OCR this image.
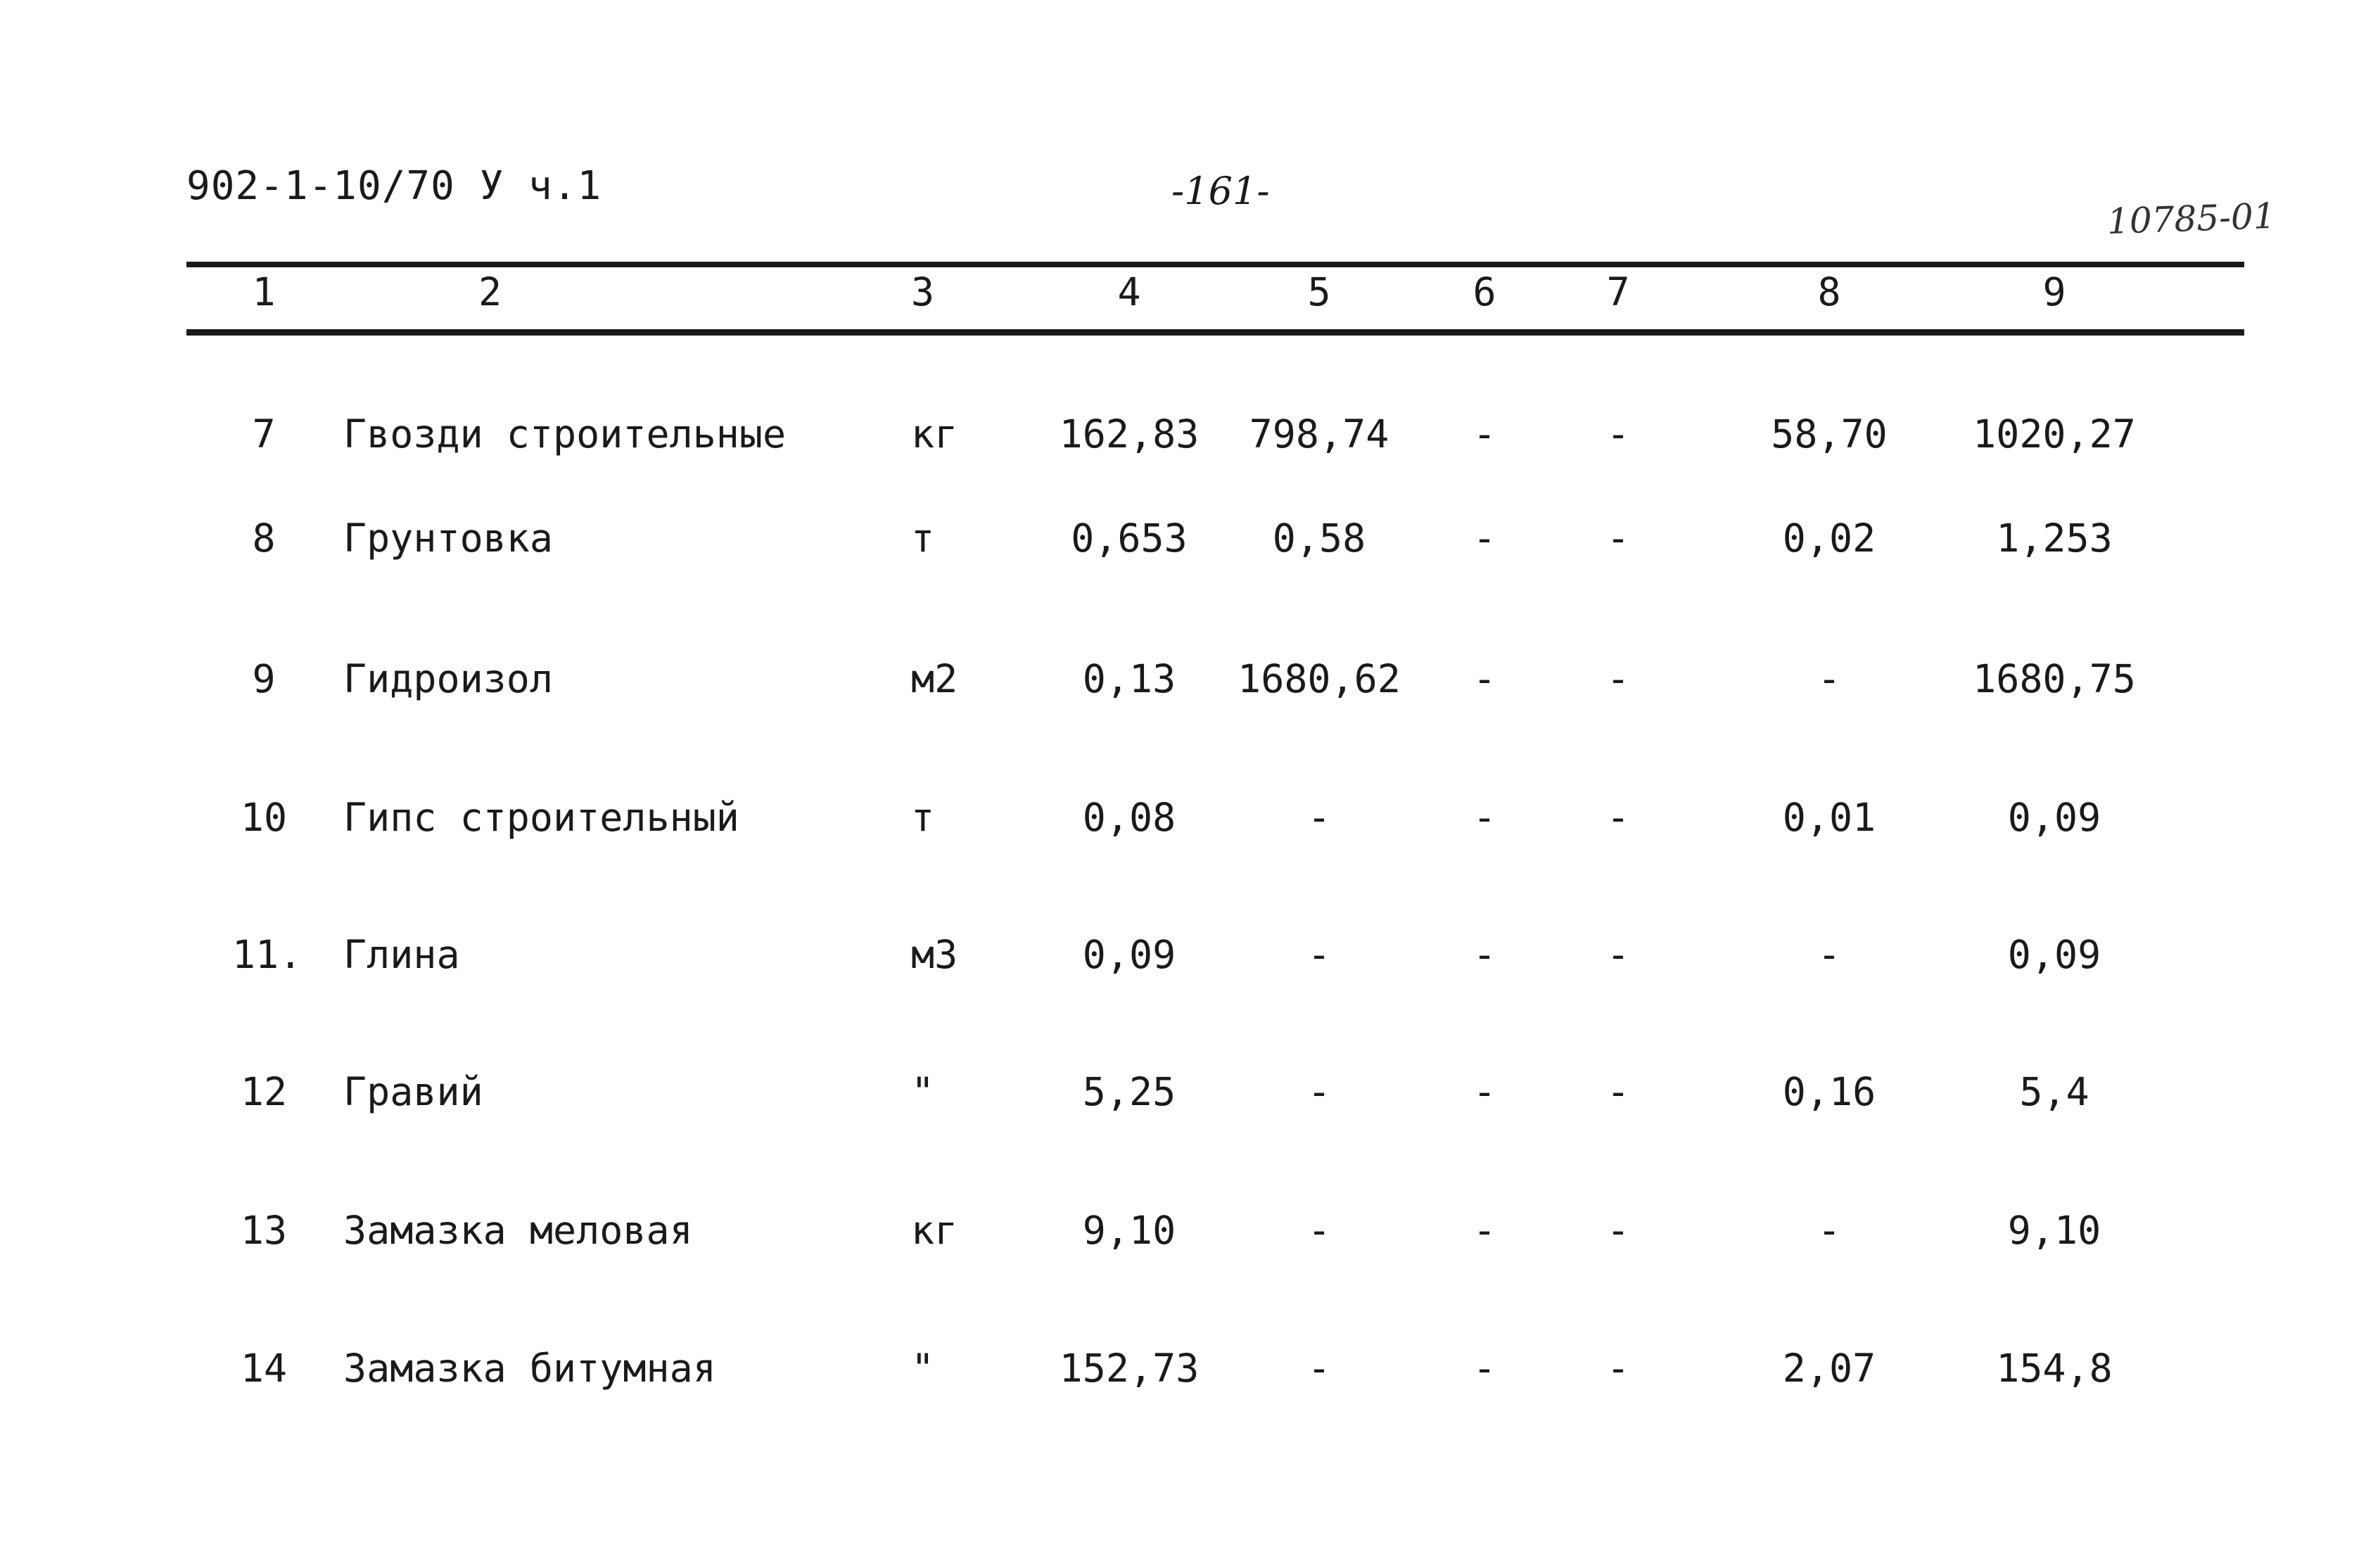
902-1-10/70 У ч.1	-161-
10785-01
1	2	3	4	5	6	7	8	9
7	Гвозди строительные	кг	162,83	798,74	-	-	58,70	1020,27
8	Грунтовка	т	0,653	0,58	-	-	0,02	1,253
9	Гидроизол	м2	0,13	1680,62	-	-	-	1680,75
10 Гипс строительный	т	0,08	-	-	-	0,01	0,09
11. Глина	м3	0,09	-	-	-	-	0,09
12 Гравий	"	5,25	-	-	-	0,16	5,4
13 Замазка меловая	кг	9,10	-	-	-	-	9,10
14 Замазка битумная	"	152,73	-	-	-	2,07	154,8
